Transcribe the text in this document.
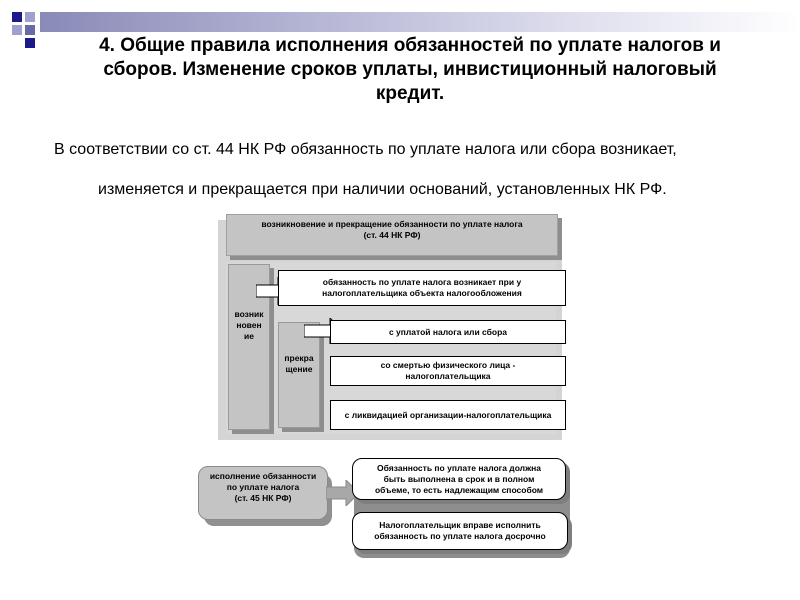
4. Общие правила исполнения обязанностей по уплате налогов и
сборов. Изменение сроков уплаты, инвистиционный налоговый
кредит.
В соответствии со ст. 44 НК РФ обязанность по уплате налога или сбора возникает,
изменяется и прекращается при наличии оснований, установленных НК РФ.
возникновение и прекращение обязанности по уплате налога
(ст. 44 НК РФ)
возник
новен
ие
обязанность по уплате налога возникает при у
налогоплательщика объекта налогообложения
прекра
щение
с уплатой налога или сбора
со смертью физического лица -
налогоплательщика
с ликвидацией организации-налогоплательщика
исполнение обязанности
по уплате налога
(ст. 45 НК РФ)
Обязанность по уплате налога должна
быть выполнена в срок и в полном
объеме, то есть надлежащим способом
Налогоплательщик вправе исполнить
обязанность по уплате налога досрочно
